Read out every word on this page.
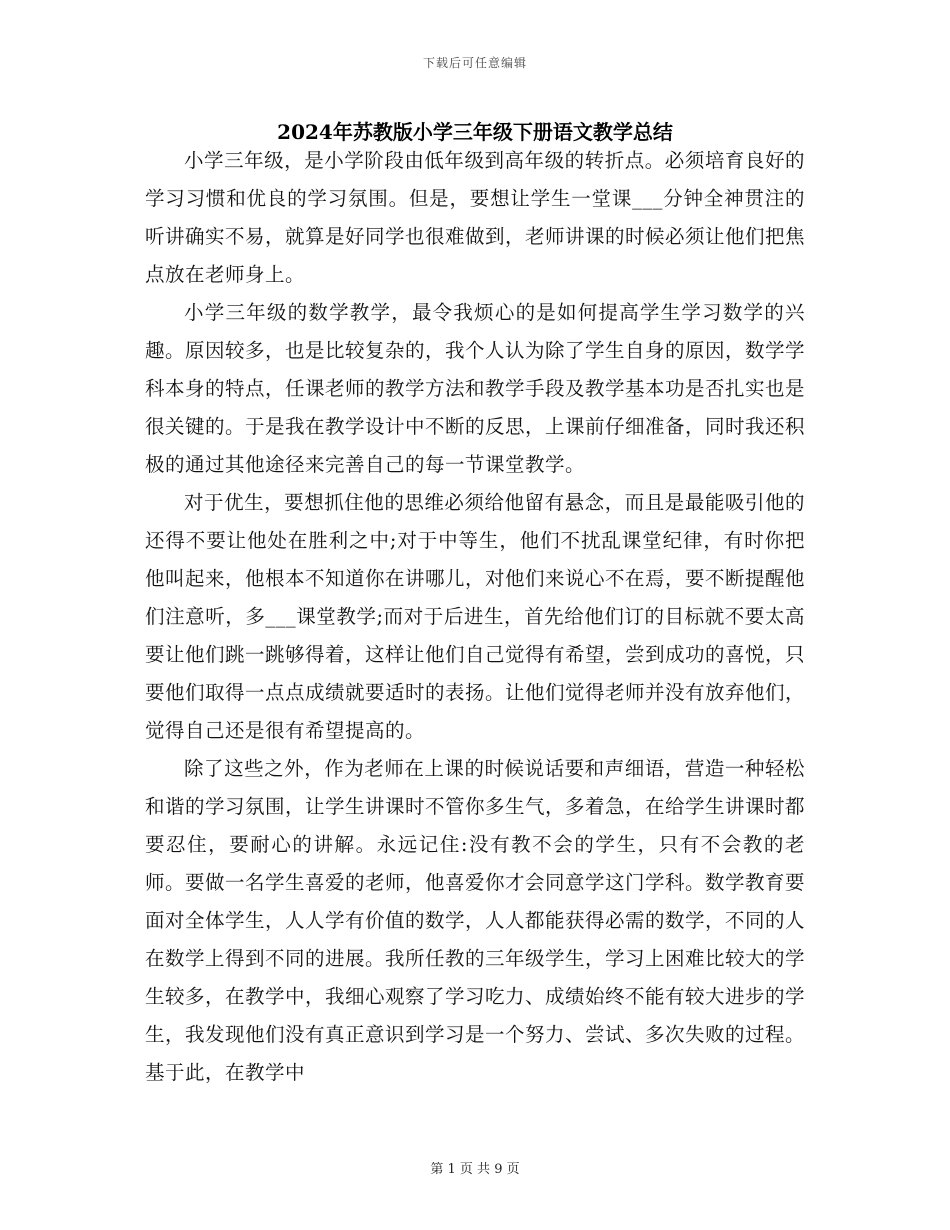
下载后可任意编辑
2024年苏教版小学三年级下册语文教学总结

小学三年级，是小学阶段由低年级到高年级的转折点。必须培育良好的学习习惯和优良的学习氛围。但是，要想让学生一堂课___分钟全神贯注的听讲确实不易，就算是好同学也很难做到，老师讲课的时候必须让他们把焦点放在老师身上。

小学三年级的数学教学，最令我烦心的是如何提高学生学习数学的兴趣。原因较多，也是比较复杂的，我个人认为除了学生自身的原因，数学学科本身的特点，任课老师的教学方法和教学手段及教学基本功是否扎实也是很关键的。于是我在教学设计中不断的反思，上课前仔细准备，同时我还积极的通过其他途径来完善自己的每一节课堂教学。

对于优生，要想抓住他的思维必须给他留有悬念，而且是最能吸引他的还得不要让他处在胜利之中;对于中等生，他们不扰乱课堂纪律，有时你把他叫起来，他根本不知道你在讲哪儿，对他们来说心不在焉，要不断提醒他们注意听，多___课堂教学;而对于后进生，首先给他们订的目标就不要太高要让他们跳一跳够得着，这样让他们自己觉得有希望，尝到成功的喜悦，只要他们取得一点点成绩就要适时的表扬。让他们觉得老师并没有放弃他们，觉得自己还是很有希望提高的。

除了这些之外，作为老师在上课的时候说话要和声细语，营造一种轻松和谐的学习氛围，让学生讲课时不管你多生气，多着急，在给学生讲课时都要忍住，要耐心的讲解。永远记住:没有教不会的学生，只有不会教的老师。要做一名学生喜爱的老师，他喜爱你才会同意学这门学科。数学教育要面对全体学生，人人学有价值的数学，人人都能获得必需的数学，不同的人在数学上得到不同的进展。我所任教的三年级学生，学习上困难比较大的学生较多，在教学中，我细心观察了学习吃力、成绩始终不能有较大进步的学生，我发现他们没有真正意识到学习是一个努力、尝试、多次失败的过程。基于此，在教学中

第 1 页 共 9 页
